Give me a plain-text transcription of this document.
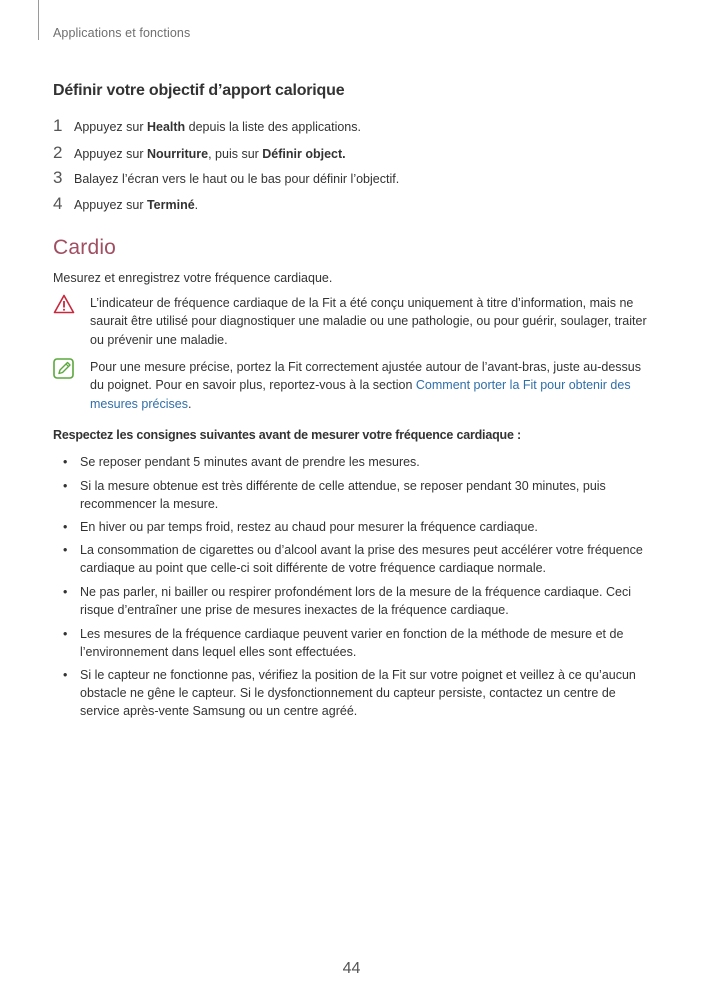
Applications et fonctions
Définir votre objectif d’apport calorique
1 Appuyez sur Health depuis la liste des applications.
2 Appuyez sur Nourriture, puis sur Définir object.
3 Balayez l’écran vers le haut ou le bas pour définir l’objectif.
4 Appuyez sur Terminé.
Cardio
Mesurez et enregistrez votre fréquence cardiaque.
L’indicateur de fréquence cardiaque de la Fit a été conçu uniquement à titre d’information, mais ne saurait être utilisé pour diagnostiquer une maladie ou une pathologie, ou pour guérir, soulager, traiter ou prévenir une maladie.
Pour une mesure précise, portez la Fit correctement ajustée autour de l’avant-bras, juste au-dessus du poignet. Pour en savoir plus, reportez-vous à la section Comment porter la Fit pour obtenir des mesures précises.
Respectez les consignes suivantes avant de mesurer votre fréquence cardiaque :
• Se reposer pendant 5 minutes avant de prendre les mesures.
• Si la mesure obtenue est très différente de celle attendue, se reposer pendant 30 minutes, puis recommencer la mesure.
• En hiver ou par temps froid, restez au chaud pour mesurer la fréquence cardiaque.
• La consommation de cigarettes ou d’alcool avant la prise des mesures peut accélérer votre fréquence cardiaque au point que celle-ci soit différente de votre fréquence cardiaque normale.
• Ne pas parler, ni bailler ou respirer profondément lors de la mesure de la fréquence cardiaque. Ceci risque d’entraîner une prise de mesures inexactes de la fréquence cardiaque.
• Les mesures de la fréquence cardiaque peuvent varier en fonction de la méthode de mesure et de l’environnement dans lequel elles sont effectuées.
• Si le capteur ne fonctionne pas, vérifiez la position de la Fit sur votre poignet et veillez à ce qu’aucun obstacle ne gêne le capteur. Si le dysfonctionnement du capteur persiste, contactez un centre de service après-vente Samsung ou un centre agréé.
44
